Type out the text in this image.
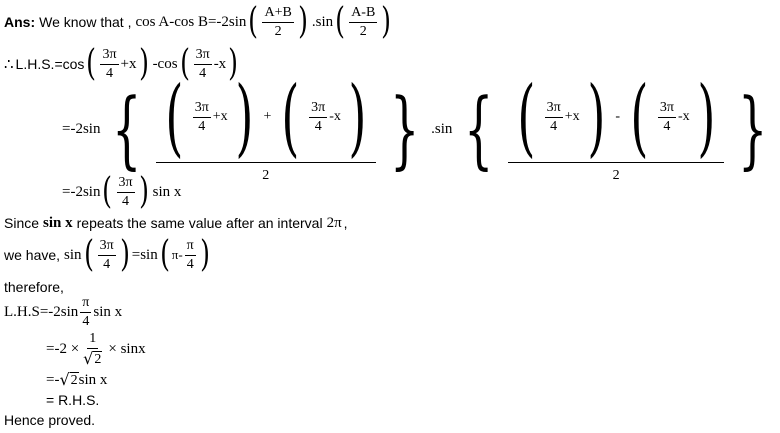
Ans: We know that , cos A-cos B=-2sin ( $\frac{A+B}{2}$ ) .sin ( $\frac{A-B}{2}$ )
∴ L.H.S.=cos ( $\frac{3\pi}{4} +x$ ) -cos ( $\frac{3\pi}{4} -x$ )
=-2sin { ( $\frac{3\pi}{4} +x$ ) + ( $\frac{3\pi}{4} -x$ )
2 } .sin { ( $\frac{3\pi}{4} +x$ ) - ( $\frac{3\pi}{4} -x$ )
2 }
=-2sin ( $\frac{3\pi}{4}$ ) sin x
Since sin x repeats the same value after an interval 2π ,
we have, sin ( $\frac{3\pi}{4}$ ) =sin ( $\pi- \frac{\pi}{4}$ )
therefore,
$L.H.S=-2\sin \frac{\pi}{4}$ sin x
$=-2 \times \frac{1}{√ 2} \times \sin x$
=- √ 2 sin x
= R.H.S.
Hence proved.
